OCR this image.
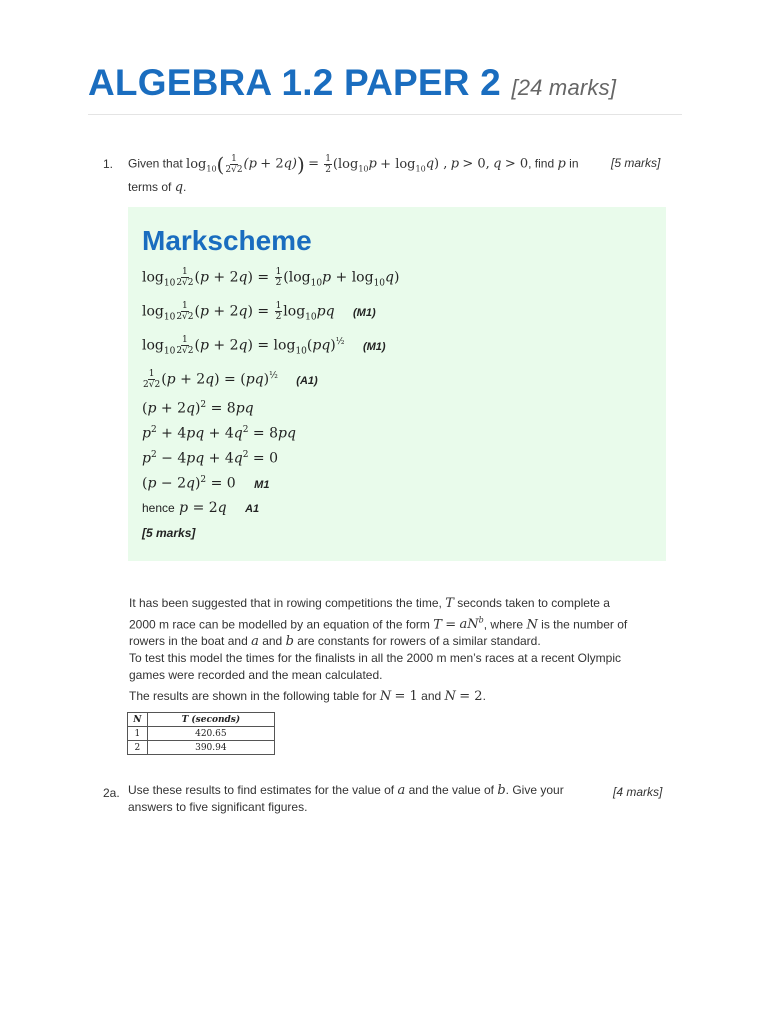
ALGEBRA 1.2 PAPER 2 [24 marks]
1. Given that $\log_{10}( \frac{1}{2√2} (p + 2q)) = \frac{1}{2} (\log_{10}p + \log_{10}q)$ , p > 0, q > 0, find p in
terms of q.
[5 marks]
Markscheme
$\log_{10} \frac{1}{2√2} (p + 2q) = \frac{1}{2} (\log_{10}p + \log_{10}q)$
$\log_{10} \frac{1}{2√2} (p + 2q) = \frac{1}{2} \log_{10}pq$ (M1)
$\log_{10} \frac{1}{2√2} (p + 2q) = \log_{10}(pq)^{\frac{1}{2}}$ (M1)
$\frac{1}{2√2} (p + 2q) = (pq)^{\frac{1}{2}}$ (A1)
$(p + 2q)^2 = 8pq$
$p^2 + 4pq + 4q^2 = 8pq$
$p^2 - 4pq + 4q^2 = 0$
$(p - 2q)^2 = 0$ M1
hence p = 2q A1
[5 marks]
It has been suggested that in rowing competitions the time, T seconds taken to complete a
2000 m race can be modelled by an equation of the form $T = aN^b$, where N is the number of
rowers in the boat and a and b are constants for rowers of a similar standard.
To test this model the times for the finalists in all the 2000 m men’s races at a recent Olympic
games were recorded and the mean calculated.
The results are shown in the following table for N = 1 and N = 2.
N	T (seconds)
1	420.65
2	390.94
2a. Use these results to find estimates for the value of a and the value of b. Give your
answers to five significant figures.
[4 marks]
